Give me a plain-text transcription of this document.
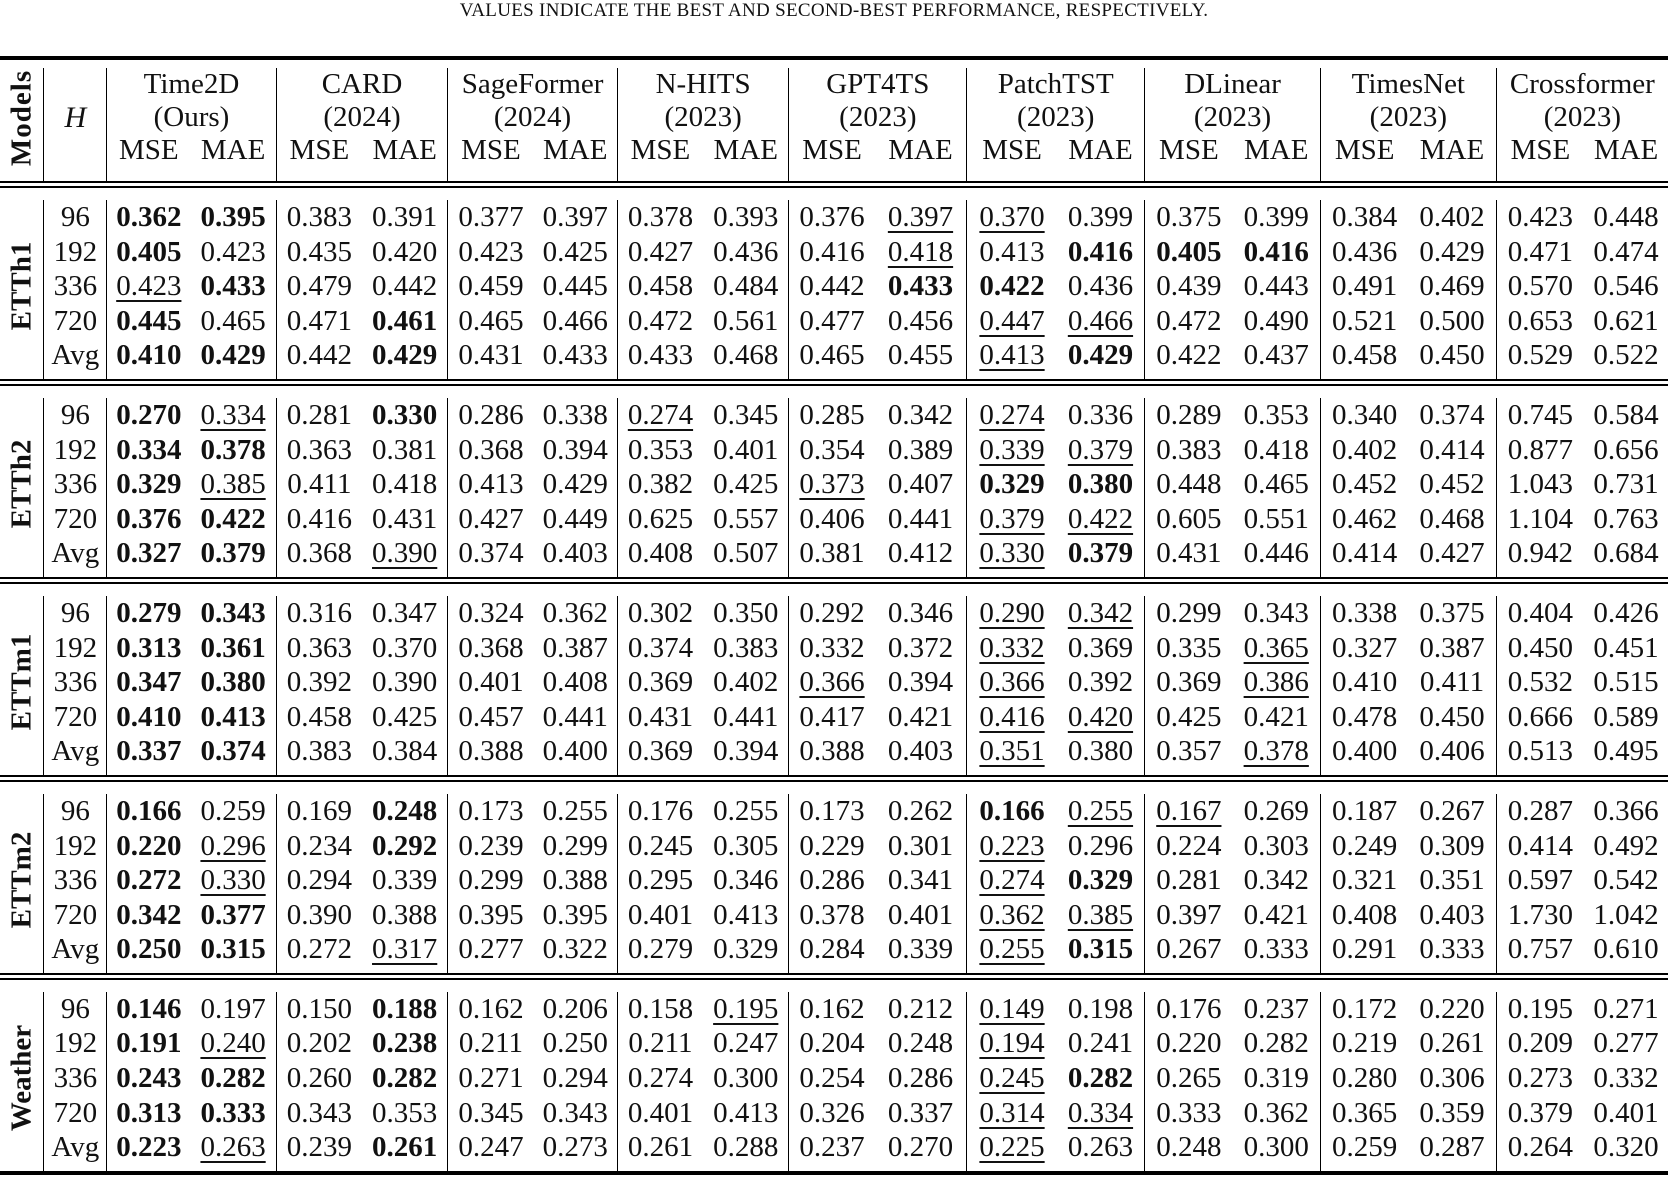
VALUES INDICATE THE BEST AND SECOND-BEST PERFORMANCE, RESPECTIVELY.

Models	H	Time2D		CARD		SageFormer		N-HITS		GPT4TS		PatchTST		DLinear		TimesNet		Crossformer	
		(Ours)		(2024)		(2024)		(2023)		(2023)		(2023)		(2023)		(2023)		(2023)	
		MSE	MAE	MSE	MAE	MSE	MAE	MSE	MAE	MSE	MAE	MSE	MAE	MSE	MAE	MSE	MAE	MSE	MAE

ETTh1	96	0.362	0.395	0.383	0.391	0.377	0.397	0.378	0.393	0.376	0.397	0.370	0.399	0.375	0.399	0.384	0.402	0.423	0.448
	192	0.405	0.423	0.435	0.420	0.423	0.425	0.427	0.436	0.416	0.418	0.413	0.416	0.405	0.416	0.436	0.429	0.471	0.474
	336	0.423	0.433	0.479	0.442	0.459	0.445	0.458	0.484	0.442	0.433	0.422	0.436	0.439	0.443	0.491	0.469	0.570	0.546
	720	0.445	0.465	0.471	0.461	0.465	0.466	0.472	0.561	0.477	0.456	0.447	0.466	0.472	0.490	0.521	0.500	0.653	0.621
	Avg	0.410	0.429	0.442	0.429	0.431	0.433	0.433	0.468	0.465	0.455	0.413	0.429	0.422	0.437	0.458	0.450	0.529	0.522

ETTh2	96	0.270	0.334	0.281	0.330	0.286	0.338	0.274	0.345	0.285	0.342	0.274	0.336	0.289	0.353	0.340	0.374	0.745	0.584
	192	0.334	0.378	0.363	0.381	0.368	0.394	0.353	0.401	0.354	0.389	0.339	0.379	0.383	0.418	0.402	0.414	0.877	0.656
	336	0.329	0.385	0.411	0.418	0.413	0.429	0.382	0.425	0.373	0.407	0.329	0.380	0.448	0.465	0.452	0.452	1.043	0.731
	720	0.376	0.422	0.416	0.431	0.427	0.449	0.625	0.557	0.406	0.441	0.379	0.422	0.605	0.551	0.462	0.468	1.104	0.763
	Avg	0.327	0.379	0.368	0.390	0.374	0.403	0.408	0.507	0.381	0.412	0.330	0.379	0.431	0.446	0.414	0.427	0.942	0.684

ETTm1	96	0.279	0.343	0.316	0.347	0.324	0.362	0.302	0.350	0.292	0.346	0.290	0.342	0.299	0.343	0.338	0.375	0.404	0.426
	192	0.313	0.361	0.363	0.370	0.368	0.387	0.374	0.383	0.332	0.372	0.332	0.369	0.335	0.365	0.327	0.387	0.450	0.451
	336	0.347	0.380	0.392	0.390	0.401	0.408	0.369	0.402	0.366	0.394	0.366	0.392	0.369	0.386	0.410	0.411	0.532	0.515
	720	0.410	0.413	0.458	0.425	0.457	0.441	0.431	0.441	0.417	0.421	0.416	0.420	0.425	0.421	0.478	0.450	0.666	0.589
	Avg	0.337	0.374	0.383	0.384	0.388	0.400	0.369	0.394	0.388	0.403	0.351	0.380	0.357	0.378	0.400	0.406	0.513	0.495

ETTm2	96	0.166	0.259	0.169	0.248	0.173	0.255	0.176	0.255	0.173	0.262	0.166	0.255	0.167	0.269	0.187	0.267	0.287	0.366
	192	0.220	0.296	0.234	0.292	0.239	0.299	0.245	0.305	0.229	0.301	0.223	0.296	0.224	0.303	0.249	0.309	0.414	0.492
	336	0.272	0.330	0.294	0.339	0.299	0.388	0.295	0.346	0.286	0.341	0.274	0.329	0.281	0.342	0.321	0.351	0.597	0.542
	720	0.342	0.377	0.390	0.388	0.395	0.395	0.401	0.413	0.378	0.401	0.362	0.385	0.397	0.421	0.408	0.403	1.730	1.042
	Avg	0.250	0.315	0.272	0.317	0.277	0.322	0.279	0.329	0.284	0.339	0.255	0.315	0.267	0.333	0.291	0.333	0.757	0.610

Weather	96	0.146	0.197	0.150	0.188	0.162	0.206	0.158	0.195	0.162	0.212	0.149	0.198	0.176	0.237	0.172	0.220	0.195	0.271
	192	0.191	0.240	0.202	0.238	0.211	0.250	0.211	0.247	0.204	0.248	0.194	0.241	0.220	0.282	0.219	0.261	0.209	0.277
	336	0.243	0.282	0.260	0.282	0.271	0.294	0.274	0.300	0.254	0.286	0.245	0.282	0.265	0.319	0.280	0.306	0.273	0.332
	720	0.313	0.333	0.343	0.353	0.345	0.343	0.401	0.413	0.326	0.337	0.314	0.334	0.333	0.362	0.365	0.359	0.379	0.401
	Avg	0.223	0.263	0.239	0.261	0.247	0.273	0.261	0.288	0.237	0.270	0.225	0.263	0.248	0.300	0.259	0.287	0.264	0.320
